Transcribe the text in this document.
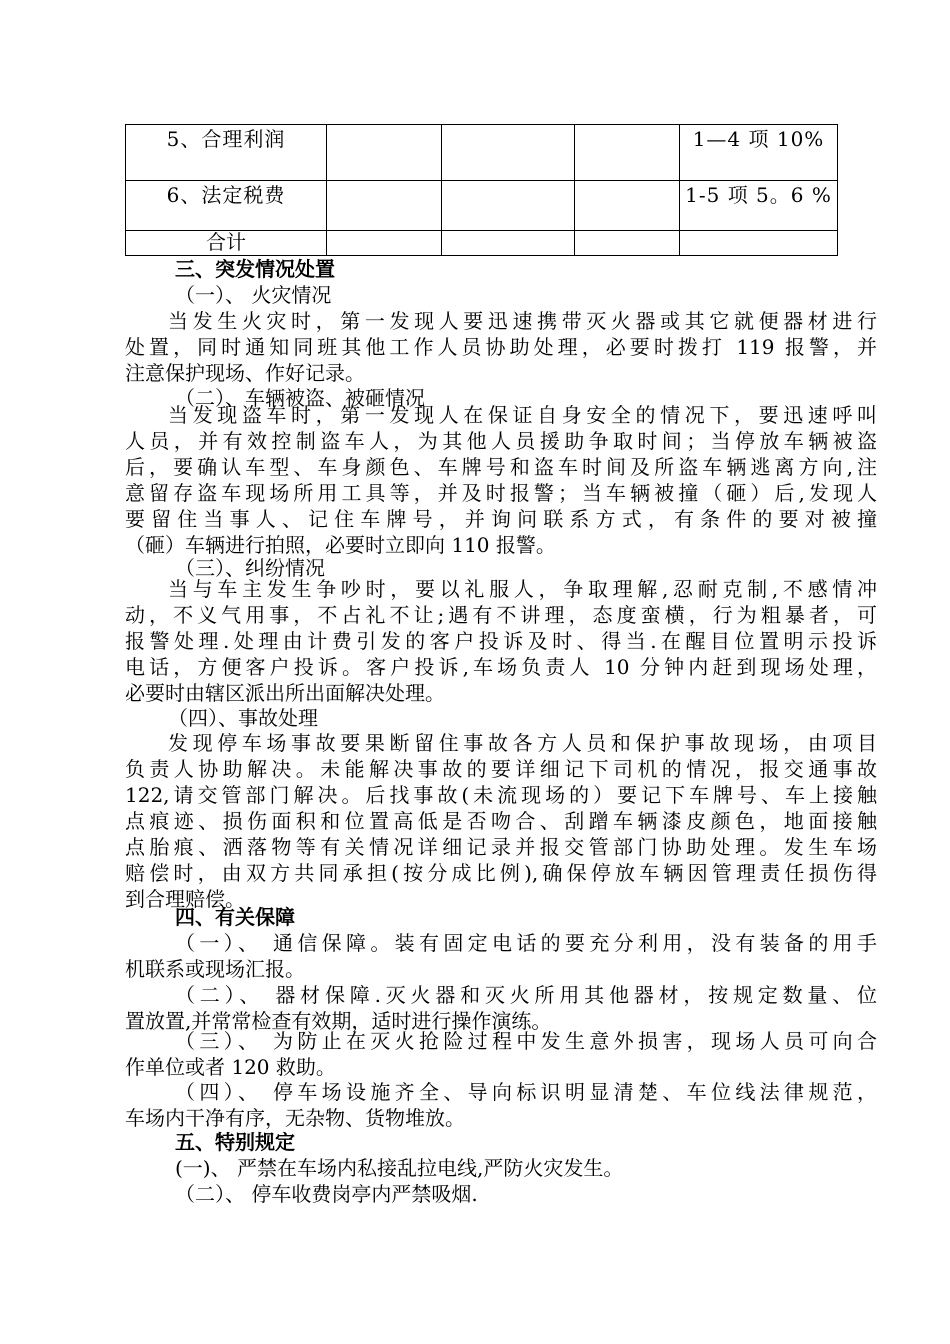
5、合理利润				1—4 项 10%

6、法定税费				1-5 项 5。6 %

合计				

三、突发情况处置
（一）、 火灾情况
当发生火灾时，第一发现人要迅速携带灭火器或其它就便器材进行
处置，同时通知同班其他工作人员协助处理，必要时拨打 119 报警，并
注意保护现场、作好记录。
（二）、车辆被盗、被砸情况
当发现盗车时，第一发现人在保证自身安全的情况下，要迅速呼叫
人员，并有效控制盗车人，为其他人员援助争取时间；当停放车辆被盗
后，要确认车型、车身颜色、车牌号和盗车时间及所盗车辆逃离方向,注
意留存盗车现场所用工具等，并及时报警；当车辆被撞（砸）后,发现人
要留住当事人、记住车牌号，并询问联系方式，有条件的要对被撞
（砸）车辆进行拍照，必要时立即向 110 报警。
（三）、纠纷情况
当与车主发生争吵时，要以礼服人，争取理解,忍耐克制,不感情冲
动，不义气用事，不占礼不让;遇有不讲理，态度蛮横，行为粗暴者，可
报警处理.处理由计费引发的客户投诉及时、得当.在醒目位置明示投诉
电话，方便客户投诉。客户投诉,车场负责人 10 分钟内赶到现场处理，
必要时由辖区派出所出面解决处理。
（四）、事故处理
发现停车场事故要果断留住事故各方人员和保护事故现场，由项目
负责人协助解决。未能解决事故的要详细记下司机的情况，报交通事故
122,请交管部门解决。后找事故(未流现场的）要记下车牌号、车上接触
点痕迹、损伤面积和位置高低是否吻合、刮蹭车辆漆皮颜色，地面接触
点胎痕、洒落物等有关情况详细记录并报交管部门协助处理。发生车场
赔偿时，由双方共同承担(按分成比例),确保停放车辆因管理责任损伤得
到合理赔偿。
四、有关保障
（一）、 通信保障。装有固定电话的要充分利用，没有装备的用手
机联系或现场汇报。
（二）、 器材保障.灭火器和灭火所用其他器材，按规定数量、位
置放置,并常常检查有效期，适时进行操作演练。
（三）、 为防止在灭火抢险过程中发生意外损害，现场人员可向合
作单位或者 120 救助。
（四）、 停车场设施齐全、导向标识明显清楚、车位线法律规范，
车场内干净有序，无杂物、货物堆放。
五、特别规定
(一)、 严禁在车场内私接乱拉电线,严防火灾发生。
（二）、 停车收费岗亭内严禁吸烟.
